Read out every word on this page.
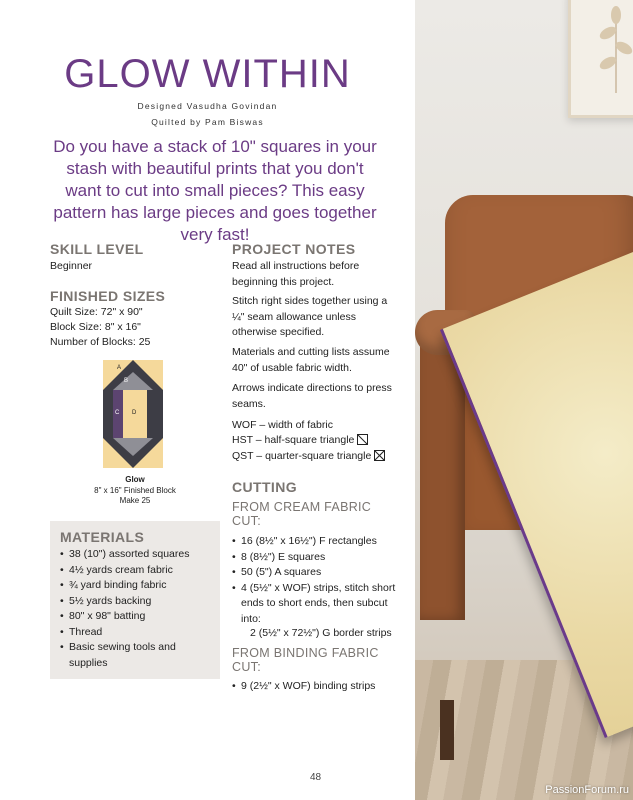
PassionForum.ru
GLOW WITHIN
Designed Vasudha Govindan
Quilted by Pam Biswas
Do you have a stack of 10" squares in your stash with beautiful prints that you don't want to cut into small pieces? This easy pattern has large pieces and goes together very fast!
SKILL LEVEL
Beginner
FINISHED SIZES
Quilt Size: 72" x 90"
Block Size: 8" x 16"
Number of Blocks: 25
A
B
C D
Glow
8" x 16" Finished Block
Make 25
MATERIALS
• 38 (10") assorted squares
• 4½ yards cream fabric
• ¾ yard binding fabric
• 5½ yards backing
• 80" x 98" batting
• Thread
• Basic sewing tools and supplies
PROJECT NOTES
Read all instructions before beginning this project.
Stitch right sides together using a ¼" seam allowance unless otherwise specified.
Materials and cutting lists assume 40" of usable fabric width.
Arrows indicate directions to press seams.
WOF – width of fabric
HST – half-square triangle
QST – quarter-square triangle
CUTTING
FROM CREAM FABRIC CUT:
• 16 (8½" x 16½") F rectangles
• 8 (8½") E squares
• 50 (5") A squares
• 4 (5½" x WOF) strips, stitch short ends to short ends, then subcut into:
2 (5½" x 72½") G border strips
FROM BINDING FABRIC CUT:
• 9 (2½" x WOF) binding strips
48
